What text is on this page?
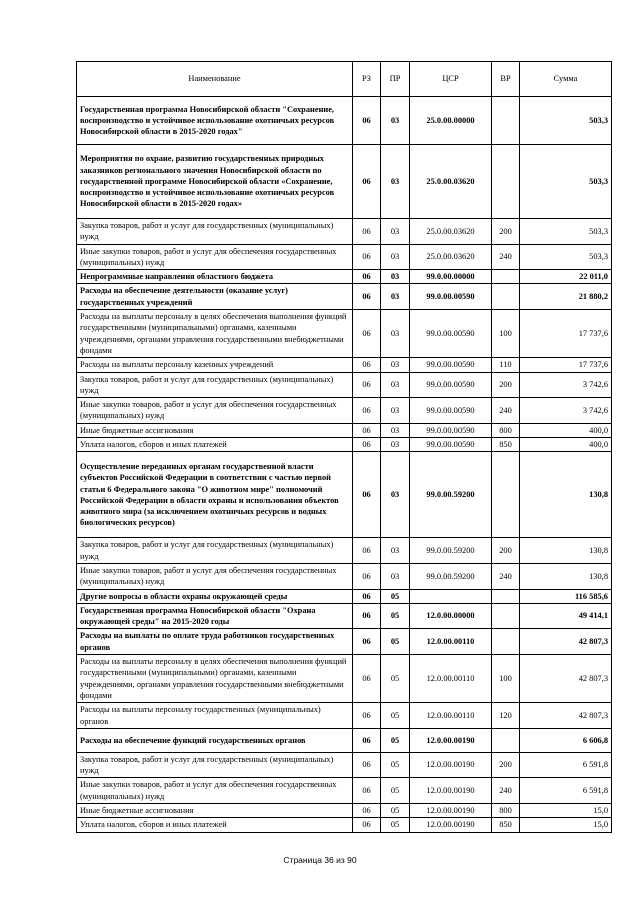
Наименование	РЗ	ПР	ЦСР	ВР	Сумма
Государственная программа Новосибирской области "Сохранение, воспроизводство и устойчивое использование охотничьих ресурсов Новосибирской области в 2015-2020 годах"	06	03	25.0.00.00000		503,3
Мероприятия по охране, развитию государственных природных заказников регионального значения Новосибирской области по государственной программе Новосибирской области «Сохранение, воспроизводство и устойчивое использование охотничьих ресурсов Новосибирской области в 2015-2020 годах»	06	03	25.0.00.03620		503,3
Закупка товаров, работ и услуг для государственных (муниципальных) нужд	06	03	25.0.00.03620	200	503,3
Иные закупки товаров, работ и услуг для обеспечения государственных (муниципальных) нужд	06	03	25.0.00.03620	240	503,3
Непрограммные направления областного бюджета	06	03	99.0.00.00000		22 011,0
Расходы на обеспечение деятельности (оказание услуг) государственных учреждений	06	03	99.0.00.00590		21 880,2
Расходы на выплаты персоналу в целях обеспечения выполнения функций государственными (муниципальными) органами, казенными учреждениями, органами управления государственными внебюджетными фондами	06	03	99.0.00.00590	100	17 737,6
Расходы на выплаты персоналу казенных учреждений	06	03	99.0.00.00590	110	17 737,6
Закупка товаров, работ и услуг для государственных (муниципальных) нужд	06	03	99.0.00.00590	200	3 742,6
Иные закупки товаров, работ и услуг для обеспечения государственных (муниципальных) нужд	06	03	99.0.00.00590	240	3 742,6
Иные бюджетные ассигнования	06	03	99.0.00.00590	800	400,0
Уплата налогов, сборов и иных платежей	06	03	99.0.00.00590	850	400,0
Осуществление переданных органам государственной власти субъектов Российской Федерации в соответствии с частью первой статьи 6 Федерального закона "О животном мире" полномочий Российской Федерации в области охраны и использования объектов животного мира (за исключением охотничьих ресурсов и водных биологических ресурсов)	06	03	99.0.00.59200		130,8
Закупка товаров, работ и услуг для государственных (муниципальных) нужд	06	03	99.0.00.59200	200	130,8
Иные закупки товаров, работ и услуг для обеспечения государственных (муниципальных) нужд	06	03	99.0.00.59200	240	130,8
Другие вопросы в области охраны окружающей среды	06	05			116 585,6
Государственная программа Новосибирской области "Охрана окружающей среды" на 2015-2020 годы	06	05	12.0.00.00000		49 414,1
Расходы на выплаты по оплате труда работников государственных органов	06	05	12.0.00.00110		42 807,3
Расходы на выплаты персоналу в целях обеспечения выполнения функций государственными (муниципальными) органами, казенными учреждениями, органами управления государственными внебюджетными фондами	06	05	12.0.00.00110	100	42 807,3
Расходы на выплаты персоналу государственных (муниципальных) органов	06	05	12.0.00.00110	120	42 807,3
Расходы на обеспечение функций государственных органов	06	05	12.0.00.00190		6 606,8
Закупка товаров, работ и услуг для государственных (муниципальных) нужд	06	05	12.0.00.00190	200	6 591,8
Иные закупки товаров, работ и услуг для обеспечения государственных (муниципальных) нужд	06	05	12.0.00.00190	240	6 591,8
Иные бюджетные ассигнования	06	05	12.0.00.00190	800	15,0
Уплата налогов, сборов и иных платежей	06	05	12.0.00.00190	850	15,0
Страница 36 из 90
